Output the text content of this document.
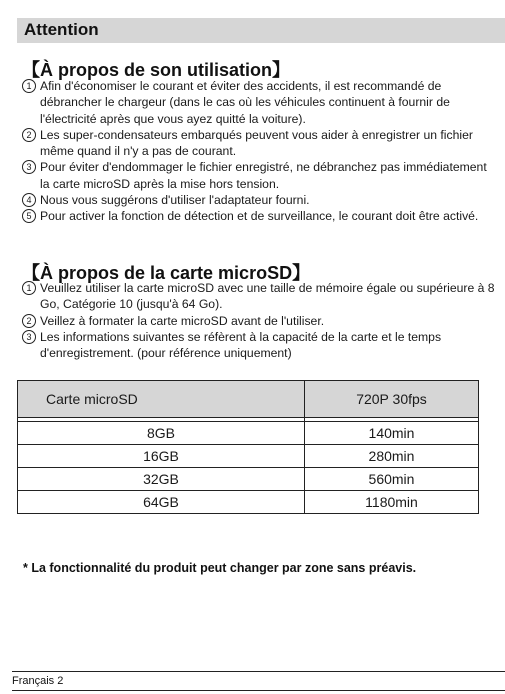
Attention
【À propos de son utilisation】
1 Afin d'économiser le courant et éviter des accidents, il est recommandé de débrancher le chargeur (dans le cas où les véhicules continuent à fournir de l'électricité après que vous ayez quitté la voiture).
2 Les super-condensateurs embarqués peuvent vous aider à enregistrer un fichier même quand il n'y a pas de courant.
3 Pour éviter d'endommager le fichier enregistré, ne débranchez pas immédiatement la carte microSD après la mise hors tension.
4 Nous vous suggérons d'utiliser l'adaptateur fourni.
5 Pour activer la fonction de détection et de surveillance, le courant doit être activé.
【À propos de la carte microSD】
1 Veuillez utiliser la carte microSD avec une taille de mémoire égale ou supérieure à 8 Go, Catégorie 10 (jusqu'à 64 Go).
2 Veillez à formater la carte microSD avant de l'utiliser.
3 Les informations suivantes se réfèrent à la capacité de la carte et le temps d'enregistrement. (pour référence uniquement)
Carte microSD	720P 30fps

8GB	140min
16GB	280min
32GB	560min
64GB	1180min
* La fonctionnalité du produit peut changer par zone sans préavis.
Français 2
